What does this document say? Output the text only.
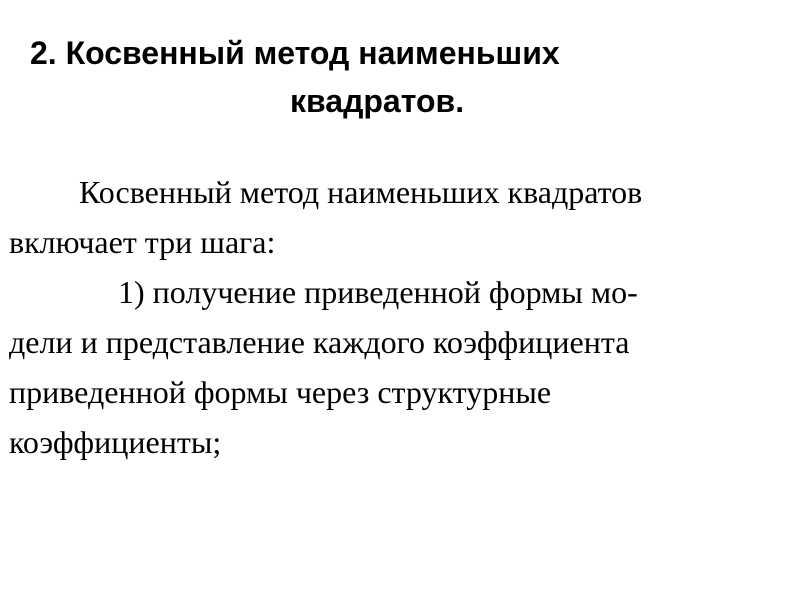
2. Косвенный метод наименьших
квадратов.
Косвенный метод наименьших квадратов
включает три шага:
1) получение приведенной формы мо-
дели и представление каждого коэффициента
приведенной формы через структурные
коэффициенты;
